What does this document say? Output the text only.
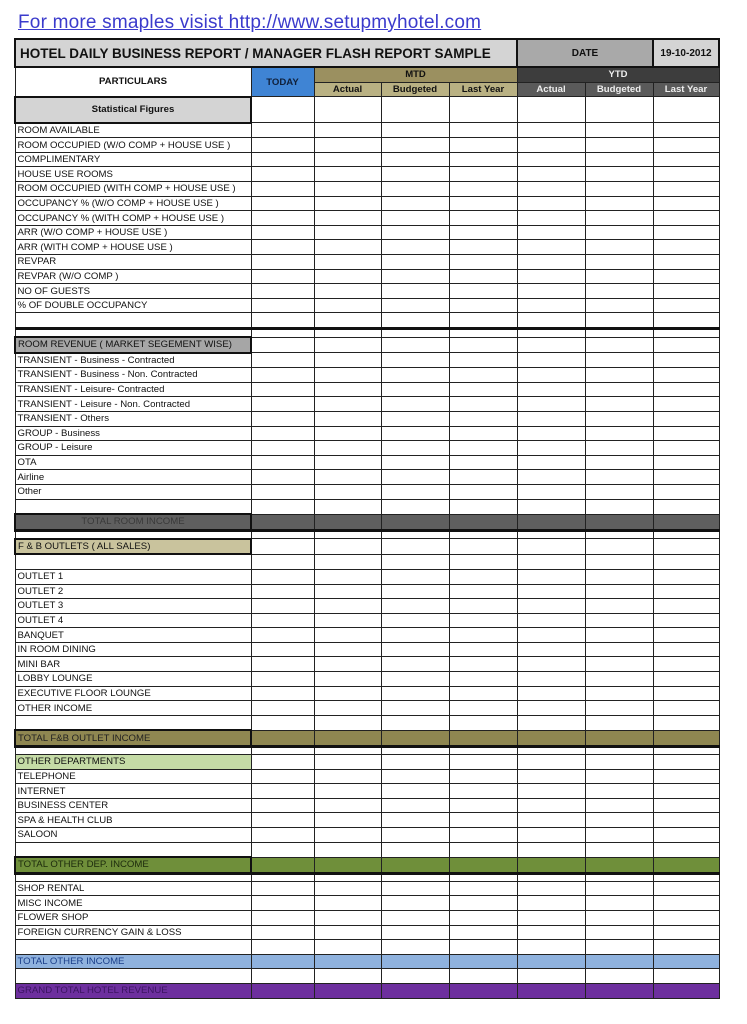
For more smaples visist http://www.setupmyhotel.com
HOTEL DAILY BUSINESS REPORT / MANAGER FLASH REPORT SAMPLE					DATE		19-10-2012
PARTICULARS	TODAY	MTD			YTD		
		Actual	Budgeted	Last Year	Actual	Budgeted	Last Year
Statistical Figures							
ROOM AVAILABLE							
ROOM OCCUPIED (W/O COMP + HOUSE USE )							
COMPLIMENTARY							
HOUSE USE ROOMS							
ROOM OCCUPIED (WITH COMP + HOUSE USE )							
OCCUPANCY % (W/O COMP + HOUSE USE )							
OCCUPANCY % (WITH COMP + HOUSE USE )							
ARR (W/O COMP + HOUSE USE )							
ARR (WITH COMP + HOUSE USE )							
REVPAR							
REVPAR (W/O COMP )							
NO OF GUESTS							
% OF DOUBLE OCCUPANCY							

ROOM REVENUE ( MARKET SEGEMENT WISE)							
TRANSIENT - Business - Contracted							
TRANSIENT - Business - Non. Contracted							
TRANSIENT - Leisure- Contracted							
TRANSIENT - Leisure - Non. Contracted							
TRANSIENT - Others							
GROUP - Business							
GROUP - Leisure							
OTA							
Airline							
Other							

TOTAL ROOM INCOME							

F & B OUTLETS ( ALL SALES)							

OUTLET 1							
OUTLET 2							
OUTLET 3							
OUTLET 4							
BANQUET							
IN ROOM DINING							
MINI BAR							
LOBBY LOUNGE							
EXECUTIVE FLOOR LOUNGE							
OTHER INCOME							

TOTAL F&B OUTLET INCOME							

OTHER DEPARTMENTS							
TELEPHONE							
INTERNET							
BUSINESS CENTER							
SPA & HEALTH CLUB							
SALOON							

TOTAL OTHER DEP. INCOME							

SHOP RENTAL							
MISC INCOME							
FLOWER SHOP							
FOREIGN CURRENCY GAIN & LOSS							

TOTAL OTHER INCOME							

GRAND TOTAL HOTEL REVENUE							
